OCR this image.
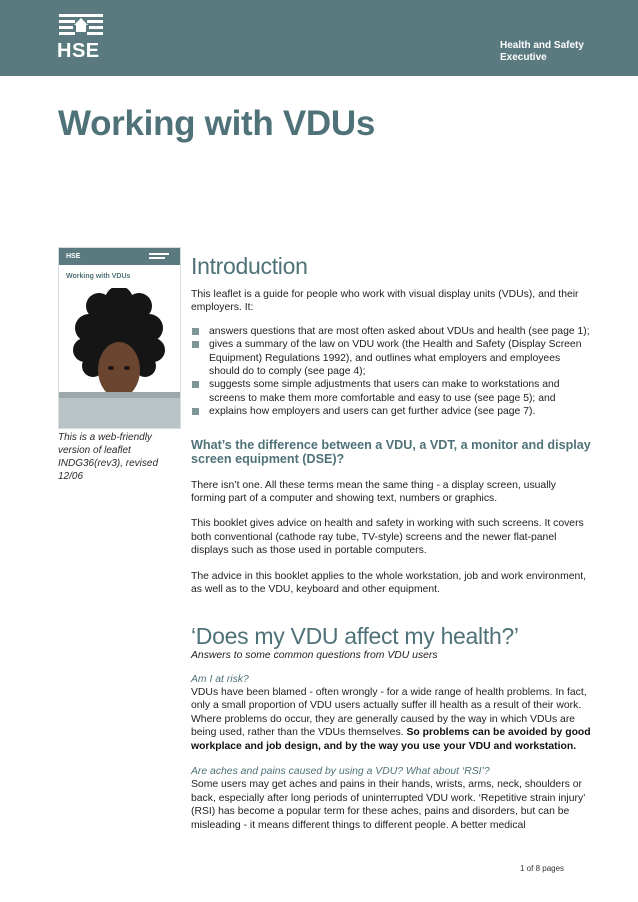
HSE	Health and Safety
Executive
Working with VDUs
HSE
Working with VDUs
This is a web-friendly version of leaflet INDG36(rev3), revised 12/06
Introduction

This leaflet is a guide for people who work with visual display units (VDUs), and their employers. It:

answers questions that are most often asked about VDUs and health (see page 1);
gives a summary of the law on VDU work (the Health and Safety (Display Screen Equipment) Regulations 1992), and outlines what employers and employees should do to comply (see page 4);
suggests some simple adjustments that users can make to workstations and screens to make them more comfortable and easy to use (see page 5); and
explains how employers and users can get further advice (see page 7).
What’s the difference between a VDU, a VDT, a monitor and display screen equipment (DSE)?

There isn’t one. All these terms mean the same thing - a display screen, usually forming part of a computer and showing text, numbers or graphics.

This booklet gives advice on health and safety in working with such screens. It covers both conventional (cathode ray tube, TV-style) screens and the newer flat-panel displays such as those used in portable computers.

The advice in this booklet applies to the whole workstation, job and work environment, as well as to the VDU, keyboard and other equipment.

‘Does my VDU affect my health?’

Answers to some common questions from VDU users

Am I at risk?

VDUs have been blamed - often wrongly - for a wide range of health problems. In fact, only a small proportion of VDU users actually suffer ill health as a result of their work. Where problems do occur, they are generally caused by the way in which VDUs are being used, rather than the VDUs themselves. So problems can be avoided by good workplace and job design, and by the way you use your VDU and workstation.

Are aches and pains caused by using a VDU? What about ‘RSI’?

Some users may get aches and pains in their hands, wrists, arms, neck, shoulders or back, especially after long periods of uninterrupted VDU work. ‘Repetitive strain injury’ (RSI) has become a popular term for these aches, pains and disorders, but can be misleading - it means different things to different people. A better medical

1 of 8 pages
